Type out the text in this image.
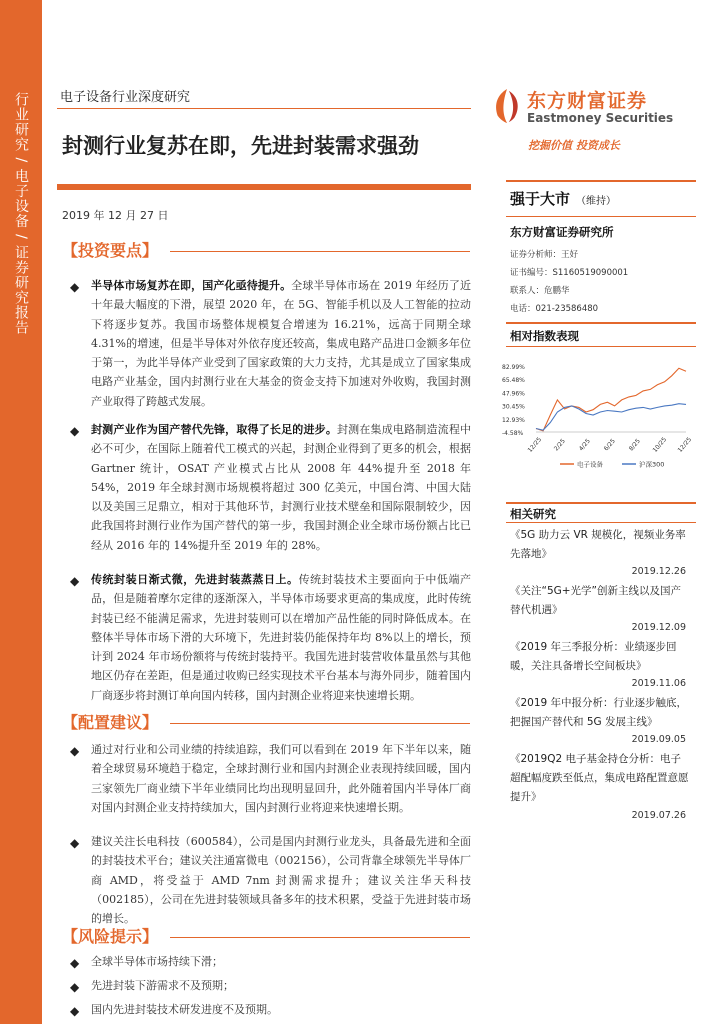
行业研究 / 电子设备 / 证券研究报告	电子设备行业深度研究
封测行业复苏在即，先进封装需求强劲
2019 年 12 月 27 日
东方财富证券
Eastmoney Securities
挖掘价值 投资成长
【投资要点】
◆ 半导体市场复苏在即，国产化亟待提升。全球半导体市场在 2019 年经历了近十年最大幅度的下滑，展望 2020 年，在 5G、智能手机以及人工智能的拉动下将逐步复苏。我国市场整体规模复合增速为 16.21%，远高于同期全球 4.31%的增速，但是半导体对外依存度还较高，集成电路产品进口金额多年位于第一，为此半导体产业受到了国家政策的大力支持，尤其是成立了国家集成电路产业基金，国内封测行业在大基金的资金支持下加速对外收购，我国封测产业取得了跨越式发展。
◆ 封测产业作为国产替代先锋，取得了长足的进步。封测在集成电路制造流程中必不可少，在国际上随着代工模式的兴起，封测企业得到了更多的机会，根据 Gartner 统计，OSAT 产业模式占比从 2008 年 44%提升至 2018 年 54%，2019 年全球封测市场规模将超过 300 亿美元，中国台湾、中国大陆以及美国三足鼎立，相对于其他环节，封测行业技术壁垒和国际限制较少，因此我国将封测行业作为国产替代的第一步，我国封测企业全球市场份额占比已经从 2016 年的 14%提升至 2019 年的 28%。
◆ 传统封装日渐式微，先进封装蒸蒸日上。传统封装技术主要面向于中低端产品，但是随着摩尔定律的逐渐深入，半导体市场要求更高的集成度，此时传统封装已经不能满足需求，先进封装则可以在增加产品性能的同时降低成本。在整体半导体市场下滑的大环境下，先进封装仍能保持年均 8%以上的增长，预计到 2024 年市场份额将与传统封装持平。我国先进封装营收体量虽然与其他地区仍存在差距，但是通过收购已经实现技术平台基本与海外同步，随着国内厂商逐步将封测订单向国内转移，国内封测企业将迎来快速增长期。
【配置建议】
◆ 通过对行业和公司业绩的持续追踪，我们可以看到在 2019 年下半年以来，随着全球贸易环境趋于稳定，全球封测行业和国内封测企业表现持续回暖，国内三家领先厂商业绩下半年业绩同比均出现明显回升，此外随着国内半导体厂商对国内封测企业支持持续加大，国内封测行业将迎来快速增长期。
◆ 建议关注长电科技（600584），公司是国内封测行业龙头，具备最先进和全面的封装技术平台；建议关注通富微电（002156），公司背靠全球领先半导体厂商 AMD，将受益于 AMD 7nm 封测需求提升；建议关注华天科技（002185），公司在先进封装领域具备多年的技术积累，受益于先进封装市场的增长。
【风险提示】
◆ 全球半导体市场持续下滑；
◆ 先进封装下游需求不及预期；
◆ 国内先进封装技术研发进度不及预期。
强于大市 （维持）
东方财富证券研究所
证券分析师：王好
证书编号：S1160519090001
联系人：危鹏华
电话：021-23586480
相对指数表现
82.99%
65.48%
47.96%
30.45%
12.93%
-4.58%
12/25 2/25 4/25 6/25 8/25 10/25 12/25
电子设备	沪深300
相关研究
《5G 助力云 VR 规模化，视频业务率先落地》
2019.12.26
《关注“5G+光学”创新主线以及国产替代机遇》
2019.12.09
《2019 年三季报分析：业绩逐步回暖，关注具备增长空间板块》
2019.11.06
《2019 年中报分析：行业逐步触底，把握国产替代和 5G 发展主线》
2019.09.05
《2019Q2 电子基金持仓分析：电子超配幅度跌至低点，集成电路配置意愿提升》
2019.07.26
